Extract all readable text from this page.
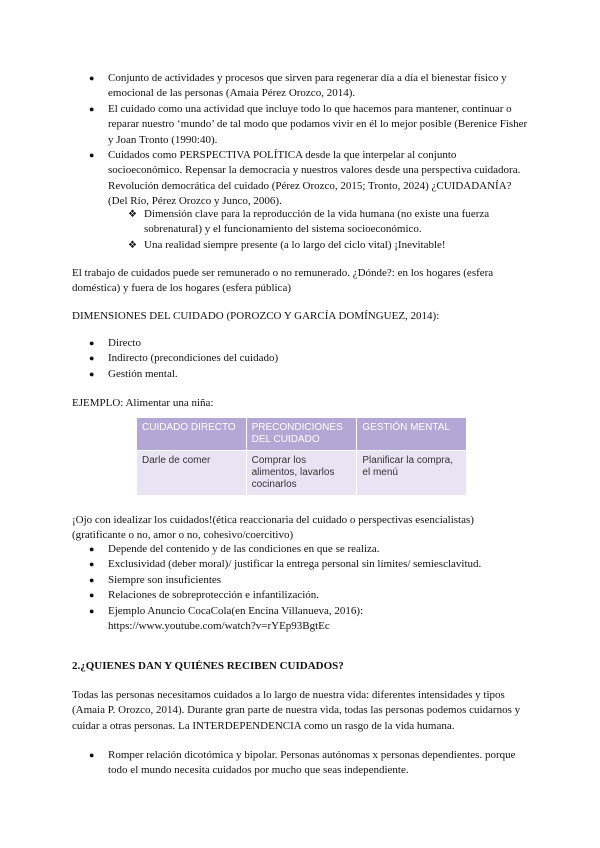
● Conjunto de actividades y procesos que sirven para regenerar día a día el bienestar físico y emocional de las personas (Amaia Pérez Orozco, 2014).
● El cuidado como una actividad que incluye todo lo que hacemos para mantener, continuar o reparar nuestro ‘mundo’ de tal modo que podamos vivir en él lo mejor posible (Berenice Fisher y Joan Tronto (1990:40).
● Cuidados como PERSPECTIVA POLÍTICA desde la que interpelar al conjunto socioeconómico. Repensar la democracia y nuestros valores desde una perspectiva cuidadora. Revolución democrática del cuidado (Pérez Orozco, 2015; Tronto, 2024) ¿CUIDADANÍA? (Del Río, Pérez Orozco y Junco, 2006).
❖ Dimensión clave para la reproducción de la vida humana (no existe una fuerza sobrenatural) y el funcionamiento del sistema socioeconómico.
❖ Una realidad siempre presente (a lo largo del ciclo vital) ¡Inevitable!

El trabajo de cuidados puede ser remunerado o no remunerado. ¿Dónde?: en los hogares (esfera doméstica) y fuera de los hogares (esfera pública)

DIMENSIONES DEL CUIDADO (POROZCO Y GARCÍA DOMÍNGUEZ, 2014):

● Directo
● Indirecto (precondiciones del cuidado)
● Gestión mental.

EJEMPLO: Alimentar una niña:

CUIDADO DIRECTO	PRECONDICIONES DEL CUIDADO	GESTIÓN MENTAL
Darle de comer	Comprar los alimentos, lavarlos cocinarlos	Planificar la compra, el menú

¡Ojo con idealizar los cuidados!(ética reaccionaria del cuidado o perspectivas esencialistas) (gratificante o no, amor o no, cohesivo/coercitivo)

● Depende del contenido y de las condiciones en que se realiza.
● Exclusividad (deber moral)/ justificar la entrega personal sin límites/ semiesclavitud.
● Siempre son insuficientes
● Relaciones de sobreprotección e infantilización.
● Ejemplo Anuncio CocaCola(en Encina Villanueva, 2016): https://www.youtube.com/watch?v=rYEp93BgtEc

2.¿QUIENES DAN Y QUIÉNES RECIBEN CUIDADOS?

Todas las personas necesitamos cuidados a lo largo de nuestra vida: diferentes intensidades y tipos (Amaia P. Orozco, 2014). Durante gran parte de nuestra vida, todas las personas podemos cuidarnos y cuidar a otras personas. La INTERDEPENDENCIA como un rasgo de la vida humana.

● Romper relación dicotómica y bipolar. Personas autónomas x personas dependientes. porque todo el mundo necesita cuidados por mucho que seas independiente.
